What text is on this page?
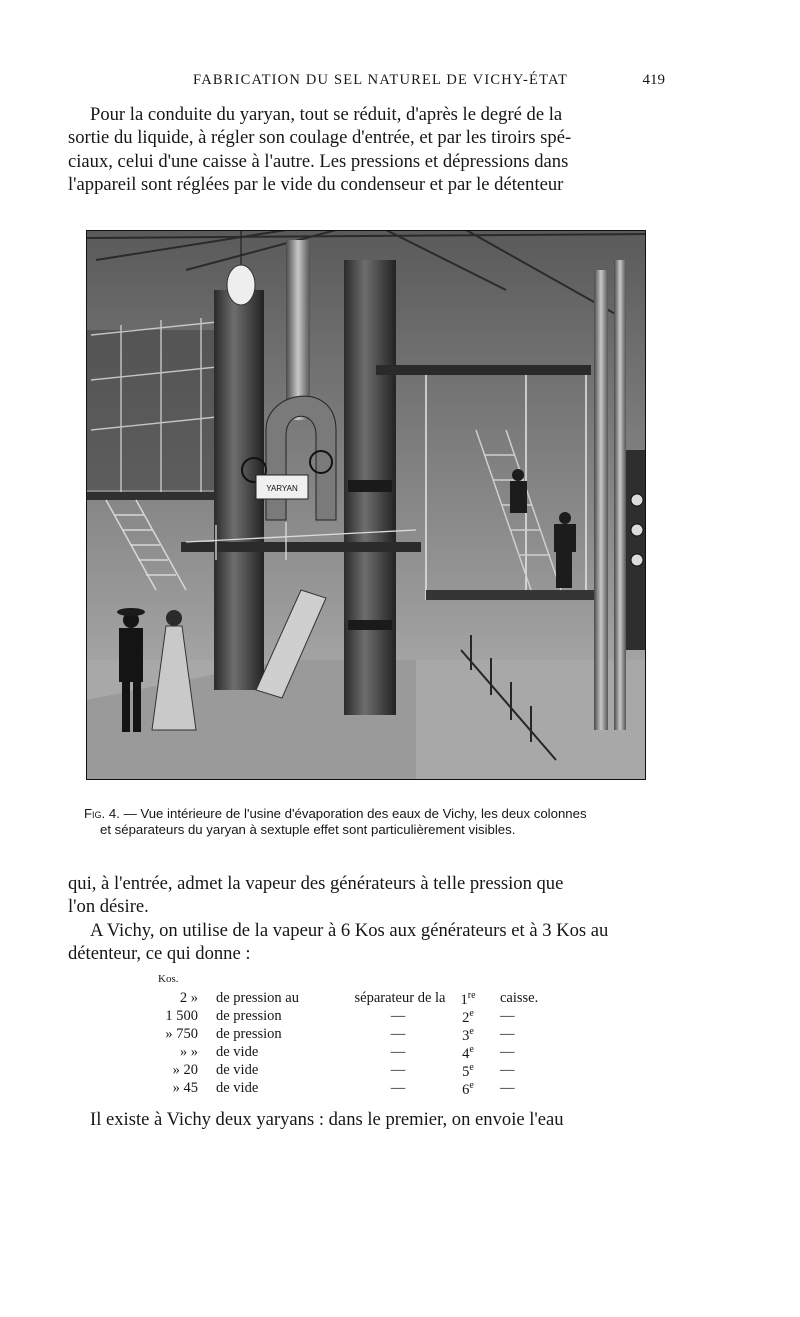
FABRICATION DU SEL NATUREL DE VICHY-ÉTAT	419

Pour la conduite du yaryan, tout se réduit, d'après le degré de la

sortie du liquide, à régler son coulage d'entrée, et par les tiroirs spé-

ciaux, celui d'une caisse à l'autre. Les pressions et dépressions dans

l'appareil sont réglées par le vide du condenseur et par le détenteur

YARYAN
Fig. 4. — Vue intérieure de l'usine d'évaporation des eaux de Vichy, les deux colonnes
et séparateurs du yaryan à sextuple effet sont particulièrement visibles.

qui, à l'entrée, admet la vapeur des générateurs à telle pression que

l'on désire.

A Vichy, on utilise de la vapeur à 6 Kos aux générateurs et à 3 Kos au

détenteur, ce qui donne :

Kos.
2 » de pression au	séparateur de la	1re	caisse.
1 500 de pression	—	2e	—
» 750 de pression	—	3e	—
» » de vide	—	4e	—
» 20 de vide	—	5e	—
» 45 de vide	—	6e	—

Il existe à Vichy deux yaryans : dans le premier, on envoie l'eau
